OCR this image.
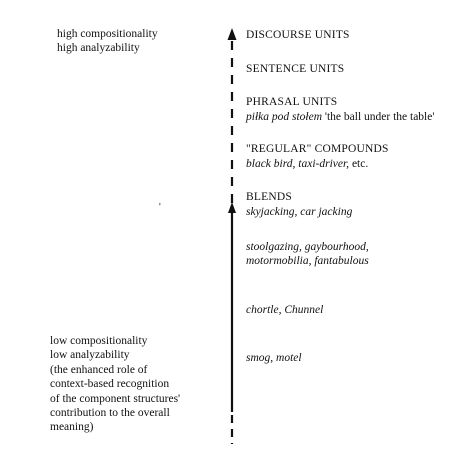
high compositionality
high analyzability
low compositionality
low analyzability
(the enhanced role of
context-based recognition
of the component structures'
contribution to the overall
meaning)
'
DISCOURSE UNITS
SENTENCE UNITS
PHRASAL UNITS
piłka pod stołem 'the ball under the table'
"REGULAR" COMPOUNDS
black bird, taxi-driver, etc.
BLENDS
skyjacking, car jacking
stoolgazing, gaybourhood,
motormobilia, fantabulous
chortle, Chunnel
smog, motel
